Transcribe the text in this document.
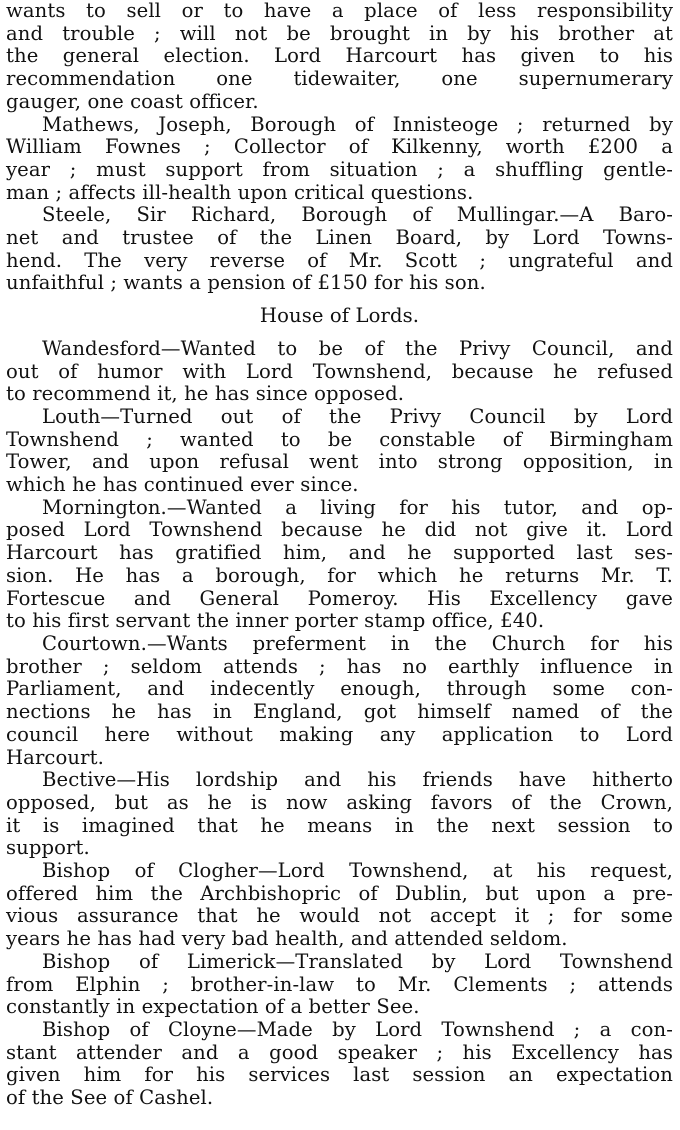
wants to sell or to have a place of less responsibility
and trouble ; will not be brought in by his brother at
the general election. Lord Harcourt has given to his
recommendation one tidewaiter, one supernumerary
gauger, one coast officer.
Mathews, Joseph, Borough of Innisteoge ; returned by
William Fownes ; Collector of Kilkenny, worth £200 a
year ; must support from situation ; a shuffling gentle-
man ; affects ill-health upon critical questions.
Steele, Sir Richard, Borough of Mullingar.—A Baro-
net and trustee of the Linen Board, by Lord Towns-
hend. The very reverse of Mr. Scott ; ungrateful and
unfaithful ; wants a pension of £150 for his son.
House of Lords.
Wandesford—Wanted to be of the Privy Council, and
out of humor with Lord Townshend, because he refused
to recommend it, he has since opposed.
Louth—Turned out of the Privy Council by Lord
Townshend ; wanted to be constable of Birmingham
Tower, and upon refusal went into strong opposition, in
which he has continued ever since.
Mornington.—Wanted a living for his tutor, and op-
posed Lord Townshend because he did not give it. Lord
Harcourt has gratified him, and he supported last ses-
sion. He has a borough, for which he returns Mr. T.
Fortescue and General Pomeroy. His Excellency gave
to his first servant the inner porter stamp office, £40.
Courtown.—Wants preferment in the Church for his
brother ; seldom attends ; has no earthly influence in
Parliament, and indecently enough, through some con-
nections he has in England, got himself named of the
council here without making any application to Lord
Harcourt.
Bective—His lordship and his friends have hitherto
opposed, but as he is now asking favors of the Crown,
it is imagined that he means in the next session to
support.
Bishop of Clogher—Lord Townshend, at his request,
offered him the Archbishopric of Dublin, but upon a pre-
vious assurance that he would not accept it ; for some
years he has had very bad health, and attended seldom.
Bishop of Limerick—Translated by Lord Townshend
from Elphin ; brother-in-law to Mr. Clements ; attends
constantly in expectation of a better See.
Bishop of Cloyne—Made by Lord Townshend ; a con-
stant attender and a good speaker ; his Excellency has
given him for his services last session an expectation
of the See of Cashel.
